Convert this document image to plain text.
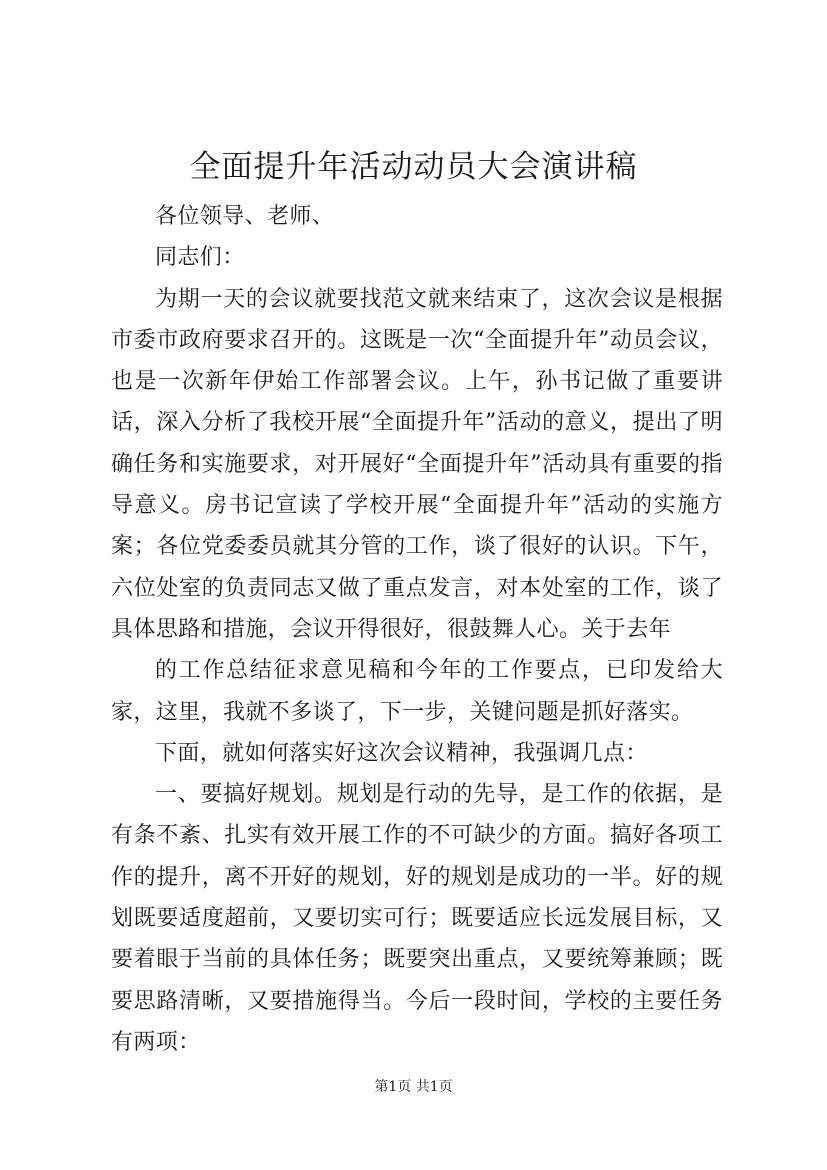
全面提升年活动动员大会演讲稿

各位领导、老师、

同志们：

为期一天的会议就要找范文就来结束了，这次会议是根据市委市政府要求召开的。这既是一次“全面提升年”动员会议，也是一次新年伊始工作部署会议。上午，孙书记做了重要讲话，深入分析了我校开展“全面提升年”活动的意义，提出了明确任务和实施要求，对开展好“全面提升年”活动具有重要的指导意义。房书记宣读了学校开展“全面提升年”活动的实施方案；各位党委委员就其分管的工作，谈了很好的认识。下午，六位处室的负责同志又做了重点发言，对本处室的工作，谈了具体思路和措施，会议开得很好，很鼓舞人心。关于去年

的工作总结征求意见稿和今年的工作要点，已印发给大家，这里，我就不多谈了，下一步，关键问题是抓好落实。

下面，就如何落实好这次会议精神，我强调几点：

一、要搞好规划。规划是行动的先导，是工作的依据，是有条不紊、扎实有效开展工作的不可缺少的方面。搞好各项工作的提升，离不开好的规划，好的规划是成功的一半。好的规划既要适度超前，又要切实可行；既要适应长远发展目标，又要着眼于当前的具体任务；既要突出重点，又要统筹兼顾；既要思路清晰，又要措施得当。今后一段时间，学校的主要任务有两项：

第1页 共1页
